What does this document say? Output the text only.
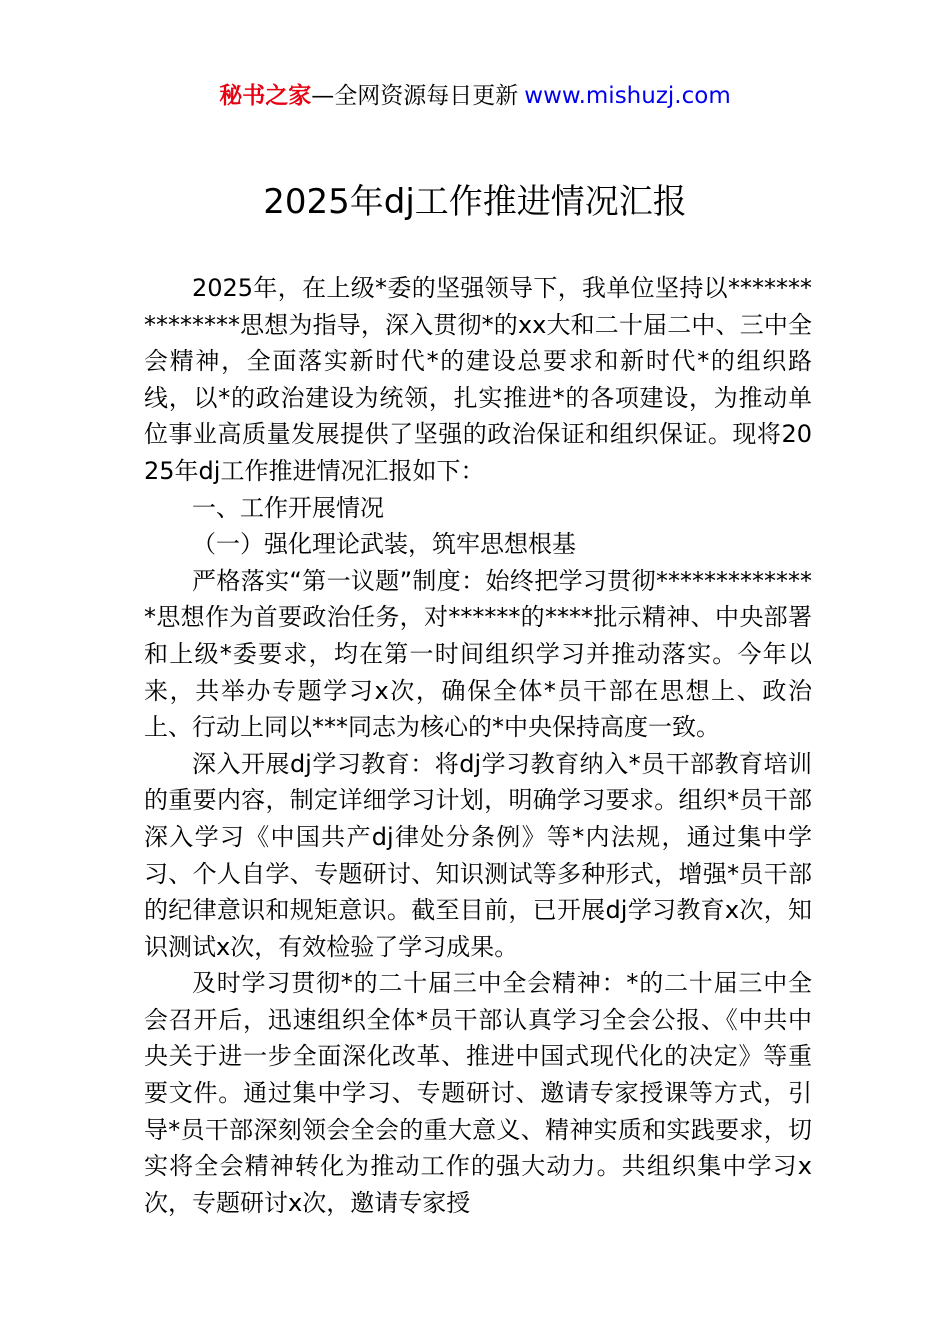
秘书之家—全网资源每日更新 www.mishuzj.com
2025年dj工作推进情况汇报

2025年，在上级*委的坚强领导下，我单位坚持以***************思想为指导，深入贯彻*的xx大和二十届二中、三中全会精神，全面落实新时代*的建设总要求和新时代*的组织路线，以*的政治建设为统领，扎实推进*的各项建设，为推动单位事业高质量发展提供了坚强的政治保证和组织保证。现将2025年dj工作推进情况汇报如下：

一、工作开展情况

（一）强化理论武装，筑牢思想根基

严格落实“第一议题”制度：始终把学习贯彻**************思想作为首要政治任务，对******的****批示精神、中央部署和上级*委要求，均在第一时间组织学习并推动落实。今年以来，共举办专题学习x次，确保全体*员干部在思想上、政治上、行动上同以***同志为核心的*中央保持高度一致。

深入开展dj学习教育：将dj学习教育纳入*员干部教育培训的重要内容，制定详细学习计划，明确学习要求。组织*员干部深入学习《中国共产dj律处分条例》等*内法规，通过集中学习、个人自学、专题研讨、知识测试等多种形式，增强*员干部的纪律意识和规矩意识。截至目前，已开展dj学习教育x次，知识测试x次，有效检验了学习成果。

及时学习贯彻*的二十届三中全会精神：*的二十届三中全会召开后，迅速组织全体*员干部认真学习全会公报、《中共中央关于进一步全面深化改革、推进中国式现代化的决定》等重要文件。通过集中学习、专题研讨、邀请专家授课等方式，引导*员干部深刻领会全会的重大意义、精神实质和实践要求，切实将全会精神转化为推动工作的强大动力。共组织集中学习x次，专题研讨x次，邀请专家授
